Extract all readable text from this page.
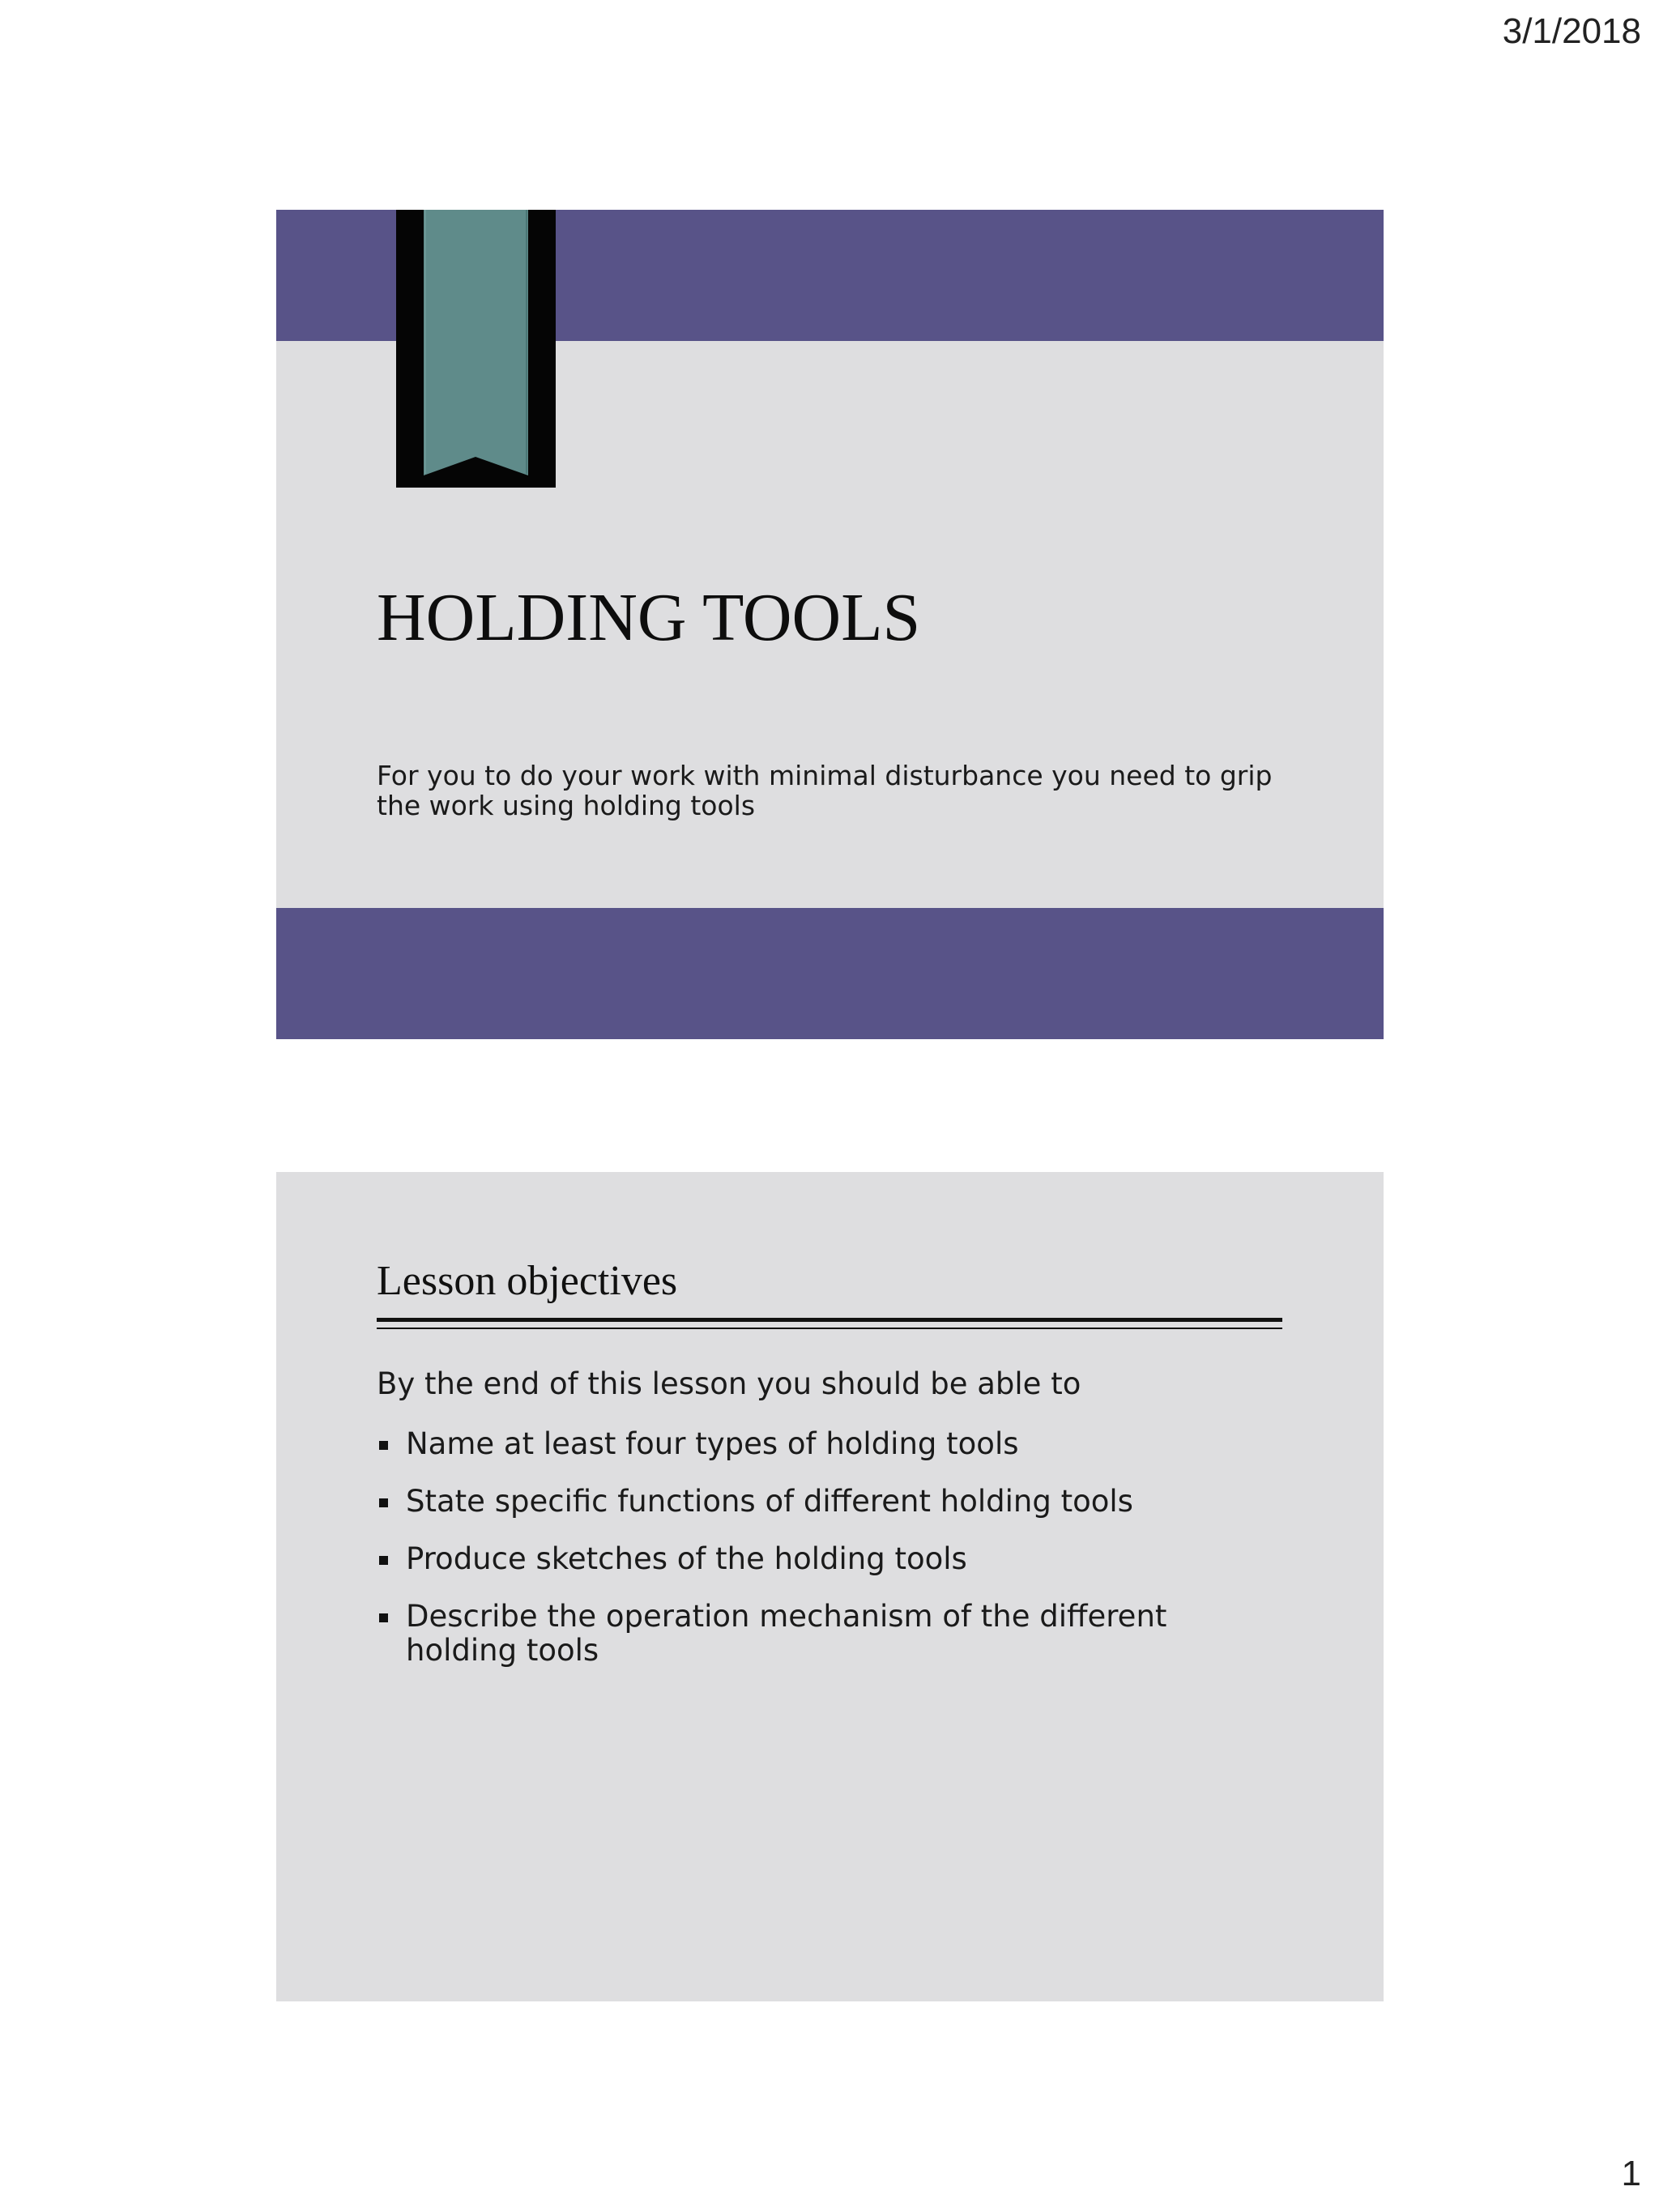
3/1/2018
HOLDING TOOLS
For you to do your work with minimal disturbance you need to grip the work using holding tools
Lesson objectives
By the end of this lesson you should be able to
Name at least four types of holding tools
State specific functions of different holding tools
Produce sketches of the holding tools
Describe the operation mechanism of the different holding tools
1
